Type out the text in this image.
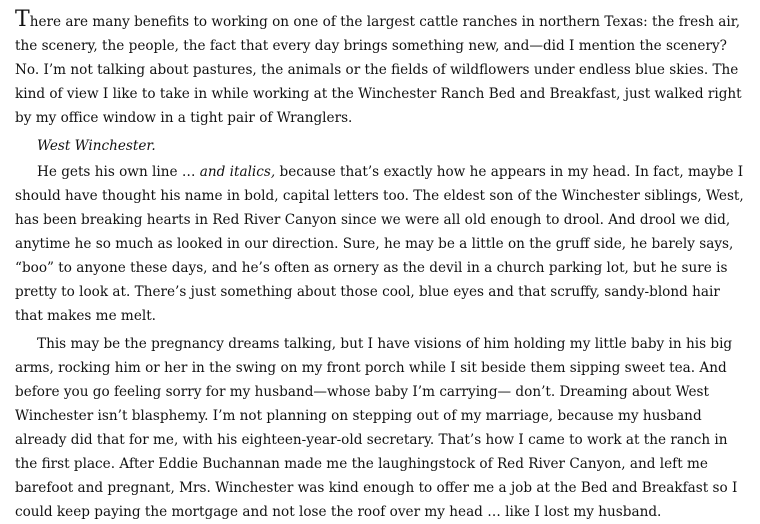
There are many benefits to working on one of the largest cattle ranches in northern Texas: the fresh air, the scenery, the people, the fact that every day brings something new, and—did I mention the scenery? No. I’m not talking about pastures, the animals or the fields of wildflowers under endless blue skies. The kind of view I like to take in while working at the Winchester Ranch Bed and Breakfast, just walked right by my office window in a tight pair of Wranglers.

West Winchester.

He gets his own line … and italics, because that’s exactly how he appears in my head. In fact, maybe I should have thought his name in bold, capital letters too. The eldest son of the Winchester siblings, West, has been breaking hearts in Red River Canyon since we were all old enough to drool. And drool we did, anytime he so much as looked in our direction. Sure, he may be a little on the gruff side, he barely says, “boo” to anyone these days, and he’s often as ornery as the devil in a church parking lot, but he sure is pretty to look at. There’s just something about those cool, blue eyes and that scruffy, sandy-blond hair that makes me melt.

This may be the pregnancy dreams talking, but I have visions of him holding my little baby in his big arms, rocking him or her in the swing on my front porch while I sit beside them sipping sweet tea. And before you go feeling sorry for my husband—whose baby I’m carrying— don’t. Dreaming about West Winchester isn’t blasphemy. I’m not planning on stepping out of my marriage, because my husband already did that for me, with his eighteen-year-old secretary. That’s how I came to work at the ranch in the first place. After Eddie Buchannan made me the laughingstock of Red River Canyon, and left me barefoot and pregnant, Mrs. Winchester was kind enough to offer me a job at the Bed and Breakfast so I could keep paying the mortgage and not lose the roof over my head … like I lost my husband.
